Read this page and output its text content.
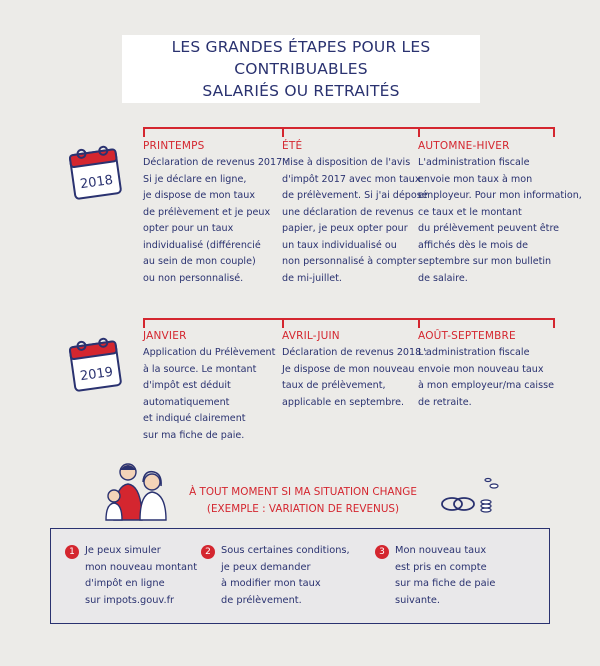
LES GRANDES ÉTAPES POUR LES CONTRIBUABLES
SALARIÉS OU RETRAITÉS
2018
PRINTEMPS

Déclaration de revenus 2017 :

Si je déclare en ligne,

je dispose de mon taux

de prélèvement et je peux

opter pour un taux

individualisé (différencié

au sein de mon couple)

ou non personnalisé.

ÉTÉ

Mise à disposition de l'avis

d'impôt 2017 avec mon taux

de prélèvement. Si j'ai déposé

une déclaration de revenus

papier, je peux opter pour

un taux individualisé ou

non personnalisé à compter

de mi-juillet.

AUTOMNE-HIVER

L'administration fiscale

envoie mon taux à mon

employeur. Pour mon information,

ce taux et le montant

du prélèvement peuvent être

affichés dès le mois de

septembre sur mon bulletin

de salaire.

2019
JANVIER

Application du Prélèvement

à la source. Le montant

d'impôt est déduit

automatiquement

et indiqué clairement

sur ma fiche de paie.

AVRIL-JUIN

Déclaration de revenus 2018 :

Je dispose de mon nouveau

taux de prélèvement,

applicable en septembre.

AOÛT-SEPTEMBRE

L'administration fiscale

envoie mon nouveau taux

à mon employeur/ma caisse

de retraite.

À TOUT MOMENT SI MA SITUATION CHANGE
(EXEMPLE : VARIATION DE REVENUS)
1	Je peux simuler
mon nouveau montant
d'impôt en ligne
sur impots.gouv.fr
2	Sous certaines conditions,
je peux demander
à modifier mon taux
de prélèvement.
3	Mon nouveau taux
est pris en compte
sur ma fiche de paie
suivante.
